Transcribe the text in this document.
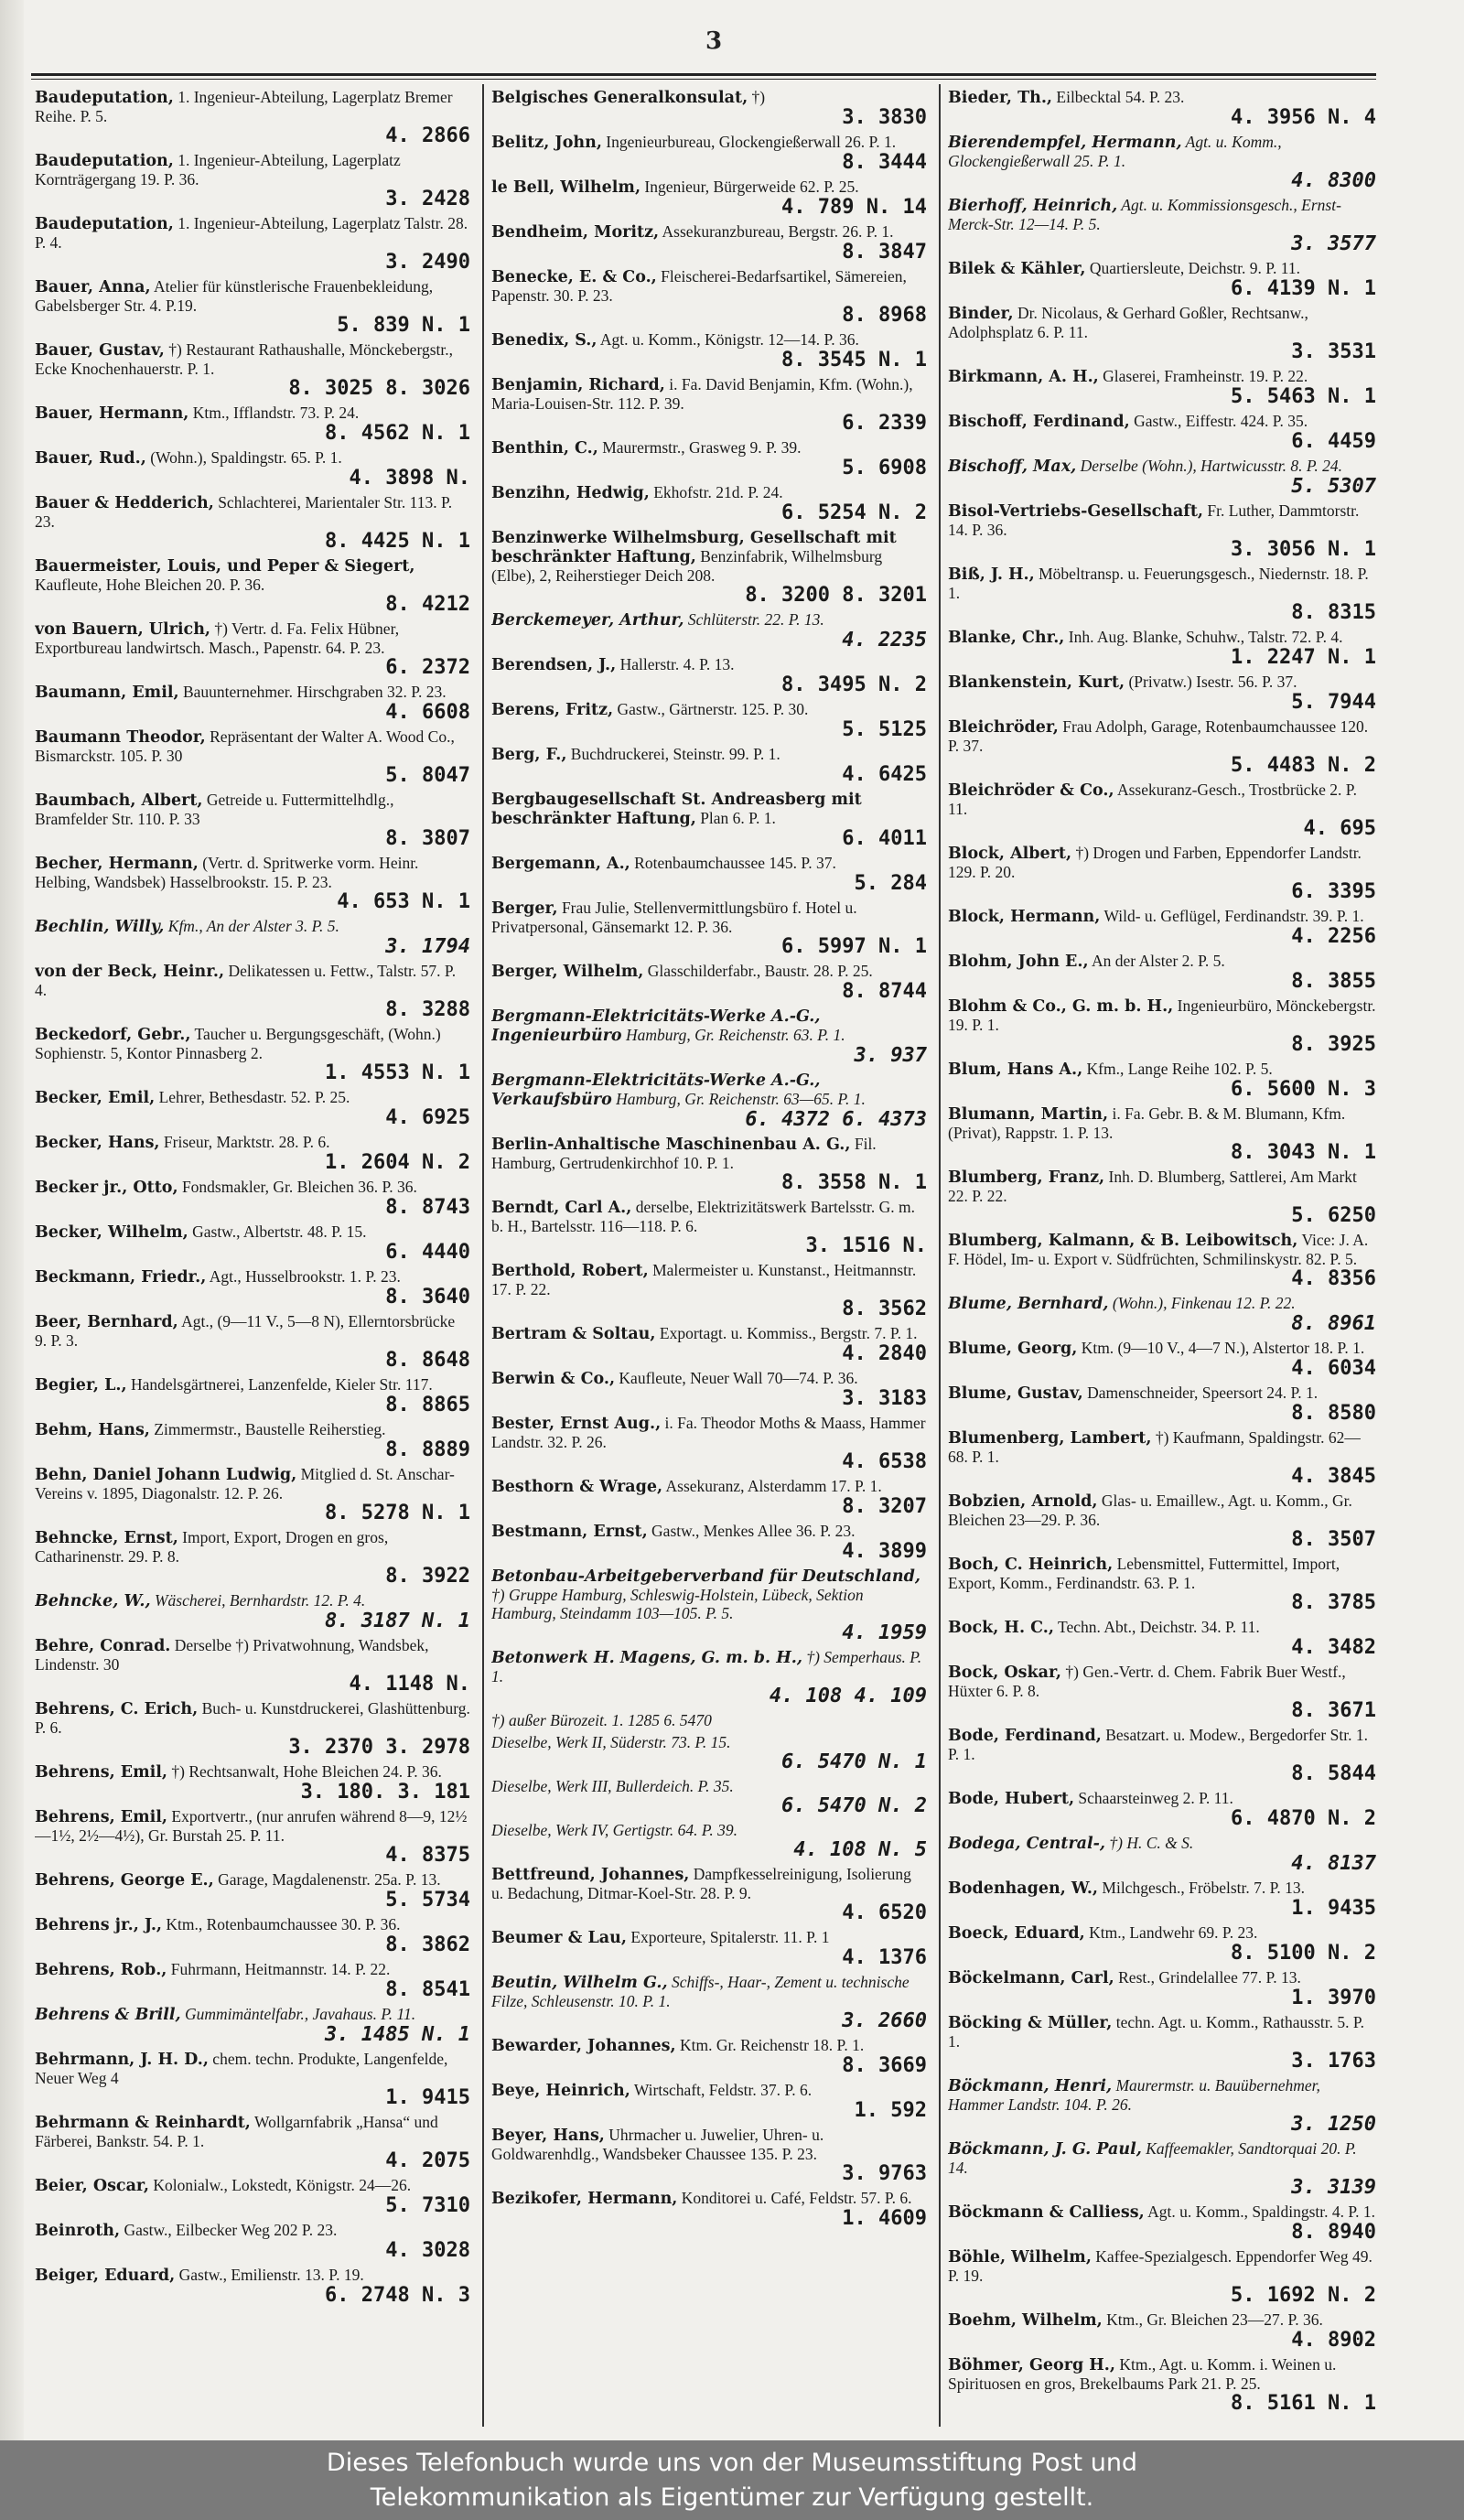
3
Baudeputation, 1. Ingenieur-Abteilung, Lagerplatz Bremer Reihe. P. 5.
4. 2866
Baudeputation, 1. Ingenieur-Abteilung, Lagerplatz Kornträgergang 19. P. 36.
3. 2428
Baudeputation, 1. Ingenieur-Abteilung, Lagerplatz Talstr. 28. P. 4.
3. 2490
Bauer, Anna, Atelier für künstlerische Frauenbekleidung, Gabelsberger Str. 4. P.19.
5. 839 N. 1
Bauer, Gustav, †) Restaurant Rathaushalle, Mönckebergstr., Ecke Knochenhauerstr. P. 1.
8. 3025 8. 3026
Bauer, Hermann, Ktm., Ifflandstr. 73. P. 24.
8. 4562 N. 1
Bauer, Rud., (Wohn.), Spaldingstr. 65. P. 1.
4. 3898 N.
Bauer & Hedderich, Schlachterei, Marientaler Str. 113. P. 23.
8. 4425 N. 1
Bauermeister, Louis, und Peper & Siegert, Kaufleute, Hohe Bleichen 20. P. 36.
8. 4212
von Bauern, Ulrich, †) Vertr. d. Fa. Felix Hübner, Exportbureau landwirtsch. Masch., Papenstr. 64. P. 23.
6. 2372
Baumann, Emil, Bauunternehmer. Hirschgraben 32. P. 23.
4. 6608
Baumann Theodor, Repräsentant der Walter A. Wood Co., Bismarckstr. 105. P. 30
5. 8047
Baumbach, Albert, Getreide u. Futtermittelhdlg., Bramfelder Str. 110. P. 33
8. 3807
Becher, Hermann, (Vertr. d. Spritwerke vorm. Heinr. Helbing, Wandsbek) Hasselbrookstr. 15. P. 23.
4. 653 N. 1
Bechlin, Willy, Kfm., An der Alster 3. P. 5.
3. 1794
von der Beck, Heinr., Delikatessen u. Fettw., Talstr. 57. P. 4.
8. 3288
Beckedorf, Gebr., Taucher u. Bergungsgeschäft, (Wohn.) Sophienstr. 5, Kontor Pinnasberg 2.
1. 4553 N. 1
Becker, Emil, Lehrer, Bethesdastr. 52. P. 25.
4. 6925
Becker, Hans, Friseur, Marktstr. 28. P. 6.
1. 2604 N. 2
Becker jr., Otto, Fondsmakler, Gr. Bleichen 36. P. 36.
8. 8743
Becker, Wilhelm, Gastw., Albertstr. 48. P. 15.
6. 4440
Beckmann, Friedr., Agt., Husselbrookstr. 1. P. 23.
8. 3640
Beer, Bernhard, Agt., (9—11 V., 5—8 N), Ellerntorsbrücke 9. P. 3.
8. 8648
Begier, L., Handelsgärtnerei, Lanzenfelde, Kieler Str. 117.
8. 8865
Behm, Hans, Zimmermstr., Baustelle Reiherstieg.
8. 8889
Behn, Daniel Johann Ludwig, Mitglied d. St. Anschar-Vereins v. 1895, Diagonalstr. 12. P. 26.
8. 5278 N. 1
Behncke, Ernst, Import, Export, Drogen en gros, Catharinenstr. 29. P. 8.
8. 3922
Behncke, W., Wäscherei, Bernhardstr. 12. P. 4.
8. 3187 N. 1
Behre, Conrad. Derselbe †) Privatwohnung, Wandsbek, Lindenstr. 30
4. 1148 N.
Behrens, C. Erich, Buch- u. Kunstdruckerei, Glashüttenburg. P. 6.
3. 2370 3. 2978
Behrens, Emil, †) Rechtsanwalt, Hohe Bleichen 24. P. 36.
3. 180. 3. 181
Behrens, Emil, Exportvertr., (nur anrufen während 8—9, 12½—1½, 2½—4½), Gr. Burstah 25. P. 11.
4. 8375
Behrens, George E., Garage, Magdalenenstr. 25a. P. 13.
5. 5734
Behrens jr., J., Ktm., Rotenbaumchaussee 30. P. 36.
8. 3862
Behrens, Rob., Fuhrmann, Heitmannstr. 14. P. 22.
8. 8541
Behrens & Brill, Gummimäntelfabr., Javahaus. P. 11.
3. 1485 N. 1
Behrmann, J. H. D., chem. techn. Produkte, Langenfelde, Neuer Weg 4
1. 9415
Behrmann & Reinhardt, Wollgarnfabrik „Hansa“ und Färberei, Bankstr. 54. P. 1.
4. 2075
Beier, Oscar, Kolonialw., Lokstedt, Königstr. 24—26.
5. 7310
Beinroth, Gastw., Eilbecker Weg 202 P. 23.
4. 3028
Beiger, Eduard, Gastw., Emilienstr. 13. P. 19.
6. 2748 N. 3
Belgisches Generalkonsulat, †)
3. 3830
Belitz, John, Ingenieurbureau, Glockengießerwall 26. P. 1.
8. 3444
le Bell, Wilhelm, Ingenieur, Bürgerweide 62. P. 25.
4. 789 N. 14
Bendheim, Moritz, Assekuranzbureau, Bergstr. 26. P. 1.
8. 3847
Benecke, E. & Co., Fleischerei-Bedarfsartikel, Sämereien, Papenstr. 30. P. 23.
8. 8968
Benedix, S., Agt. u. Komm., Königstr. 12—14. P. 36.
8. 3545 N. 1
Benjamin, Richard, i. Fa. David Benjamin, Kfm. (Wohn.), Maria-Louisen-Str. 112. P. 39.
6. 2339
Benthin, C., Maurermstr., Grasweg 9. P. 39.
5. 6908
Benzihn, Hedwig, Ekhofstr. 21d. P. 24.
6. 5254 N. 2
Benzinwerke Wilhelmsburg, Gesellschaft mit beschränkter Haftung, Benzinfabrik, Wilhelmsburg (Elbe), 2, Reiherstieger Deich 208.
8. 3200 8. 3201
Berckemeyer, Arthur, Schlüterstr. 22. P. 13.
4. 2235
Berendsen, J., Hallerstr. 4. P. 13.
8. 3495 N. 2
Berens, Fritz, Gastw., Gärtnerstr. 125. P. 30.
5. 5125
Berg, F., Buchdruckerei, Steinstr. 99. P. 1.
4. 6425
Bergbaugesellschaft St. Andreasberg mit beschränkter Haftung, Plan 6. P. 1.
6. 4011
Bergemann, A., Rotenbaumchaussee 145. P. 37.
5. 284
Berger, Frau Julie, Stellenvermittlungsbüro f. Hotel u. Privatpersonal, Gänsemarkt 12. P. 36.
6. 5997 N. 1
Berger, Wilhelm, Glasschilderfabr., Baustr. 28. P. 25.
8. 8744
Bergmann-Elektricitäts-Werke A.-G., Ingenieurbüro Hamburg, Gr. Reichenstr. 63. P. 1.
3. 937
Bergmann-Elektricitäts-Werke A.-G., Verkaufsbüro Hamburg, Gr. Reichenstr. 63—65. P. 1.
6. 4372 6. 4373
Berlin-Anhaltische Maschinenbau A. G., Fil. Hamburg, Gertrudenkirchhof 10. P. 1.
8. 3558 N. 1
Berndt, Carl A., derselbe, Elektrizitätswerk Bartelsstr. G. m. b. H., Bartelsstr. 116—118. P. 6.
3. 1516 N.
Berthold, Robert, Malermeister u. Kunstanst., Heitmannstr. 17. P. 22.
8. 3562
Bertram & Soltau, Exportagt. u. Kommiss., Bergstr. 7. P. 1.
4. 2840
Berwin & Co., Kaufleute, Neuer Wall 70—74. P. 36.
3. 3183
Bester, Ernst Aug., i. Fa. Theodor Moths & Maass, Hammer Landstr. 32. P. 26.
4. 6538
Besthorn & Wrage, Assekuranz, Alsterdamm 17. P. 1.
8. 3207
Bestmann, Ernst, Gastw., Menkes Allee 36. P. 23.
4. 3899
Betonbau-Arbeitgeberverband für Deutschland, †) Gruppe Hamburg, Schleswig-Holstein, Lübeck, Sektion Hamburg, Steindamm 103—105. P. 5.
4. 1959
Betonwerk H. Magens, G. m. b. H., †) Semperhaus. P. 1.
4. 108 4. 109
†) außer Bürozeit. 1. 1285 6. 5470
Dieselbe, Werk II, Süderstr. 73. P. 15.
6. 5470 N. 1
Dieselbe, Werk III, Bullerdeich. P. 35.
6. 5470 N. 2
Dieselbe, Werk IV, Gertigstr. 64. P. 39.
4. 108 N. 5
Bettfreund, Johannes, Dampfkesselreinigung, Isolierung u. Bedachung, Ditmar-Koel-Str. 28. P. 9.
4. 6520
Beumer & Lau, Exporteure, Spitalerstr. 11. P. 1
4. 1376
Beutin, Wilhelm G., Schiffs-, Haar-, Zement u. technische Filze, Schleusenstr. 10. P. 1.
3. 2660
Bewarder, Johannes, Ktm. Gr. Reichenstr 18. P. 1.
8. 3669
Beye, Heinrich, Wirtschaft, Feldstr. 37. P. 6.
1. 592
Beyer, Hans, Uhrmacher u. Juwelier, Uhren- u. Goldwarenhdlg., Wandsbeker Chaussee 135. P. 23.
3. 9763
Bezikofer, Hermann, Konditorei u. Café, Feldstr. 57. P. 6.
1. 4609
Bieder, Th., Eilbecktal 54. P. 23.
4. 3956 N. 4
Bierendempfel, Hermann, Agt. u. Komm., Glockengießerwall 25. P. 1.
4. 8300
Bierhoff, Heinrich, Agt. u. Kommissionsgesch., Ernst-Merck-Str. 12—14. P. 5.
3. 3577
Bilek & Kähler, Quartiersleute, Deichstr. 9. P. 11.
6. 4139 N. 1
Binder, Dr. Nicolaus, & Gerhard Goßler, Rechtsanw., Adolphsplatz 6. P. 11.
3. 3531
Birkmann, A. H., Glaserei, Framheinstr. 19. P. 22.
5. 5463 N. 1
Bischoff, Ferdinand, Gastw., Eiffestr. 424. P. 35.
6. 4459
Bischoff, Max, Derselbe (Wohn.), Hartwicusstr. 8. P. 24.
5. 5307
Bisol-Vertriebs-Gesellschaft, Fr. Luther, Dammtorstr. 14. P. 36.
3. 3056 N. 1
Biß, J. H., Möbeltransp. u. Feuerungsgesch., Niedernstr. 18. P. 1.
8. 8315
Blanke, Chr., Inh. Aug. Blanke, Schuhw., Talstr. 72. P. 4.
1. 2247 N. 1
Blankenstein, Kurt, (Privatw.) Isestr. 56. P. 37.
5. 7944
Bleichröder, Frau Adolph, Garage, Rotenbaumchaussee 120. P. 37.
5. 4483 N. 2
Bleichröder & Co., Assekuranz-Gesch., Trostbrücke 2. P. 11.
4. 695
Block, Albert, †) Drogen und Farben, Eppendorfer Landstr. 129. P. 20.
6. 3395
Block, Hermann, Wild- u. Geflügel, Ferdinandstr. 39. P. 1.
4. 2256
Blohm, John E., An der Alster 2. P. 5.
8. 3855
Blohm & Co., G. m. b. H., Ingenieurbüro, Mönckebergstr. 19. P. 1.
8. 3925
Blum, Hans A., Kfm., Lange Reihe 102. P. 5.
6. 5600 N. 3
Blumann, Martin, i. Fa. Gebr. B. & M. Blumann, Kfm. (Privat), Rappstr. 1. P. 13.
8. 3043 N. 1
Blumberg, Franz, Inh. D. Blumberg, Sattlerei, Am Markt 22. P. 22.
5. 6250
Blumberg, Kalmann, & B. Leibowitsch, Vice: J. A. F. Hödel, Im- u. Export v. Südfrüchten, Schmilinskystr. 82. P. 5.
4. 8356
Blume, Bernhard, (Wohn.), Finkenau 12. P. 22.
8. 8961
Blume, Georg, Ktm. (9—10 V., 4—7 N.), Alstertor 18. P. 1.
4. 6034
Blume, Gustav, Damenschneider, Speersort 24. P. 1.
8. 8580
Blumenberg, Lambert, †) Kaufmann, Spaldingstr. 62—68. P. 1.
4. 3845
Bobzien, Arnold, Glas- u. Emaillew., Agt. u. Komm., Gr. Bleichen 23—29. P. 36.
8. 3507
Boch, C. Heinrich, Lebensmittel, Futtermittel, Import, Export, Komm., Ferdinandstr. 63. P. 1.
8. 3785
Bock, H. C., Techn. Abt., Deichstr. 34. P. 11.
4. 3482
Bock, Oskar, †) Gen.-Vertr. d. Chem. Fabrik Buer Westf., Hüxter 6. P. 8.
8. 3671
Bode, Ferdinand, Besatzart. u. Modew., Bergedorfer Str. 1. P. 1.
8. 5844
Bode, Hubert, Schaarsteinweg 2. P. 11.
6. 4870 N. 2
Bodega, Central-, †) H. C. & S.
4. 8137
Bodenhagen, W., Milchgesch., Fröbelstr. 7. P. 13.
1. 9435
Boeck, Eduard, Ktm., Landwehr 69. P. 23.
8. 5100 N. 2
Böckelmann, Carl, Rest., Grindelallee 77. P. 13.
1. 3970
Böcking & Müller, techn. Agt. u. Komm., Rathausstr. 5. P. 1.
3. 1763
Böckmann, Henri, Maurermstr. u. Bauübernehmer, Hammer Landstr. 104. P. 26.
3. 1250
Böckmann, J. G. Paul, Kaffeemakler, Sandtorquai 20. P. 14.
3. 3139
Böckmann & Calliess, Agt. u. Komm., Spaldingstr. 4. P. 1.
8. 8940
Böhle, Wilhelm, Kaffee-Spezialgesch. Eppendorfer Weg 49. P. 19.
5. 1692 N. 2
Boehm, Wilhelm, Ktm., Gr. Bleichen 23—27. P. 36.
4. 8902
Böhmer, Georg H., Ktm., Agt. u. Komm. i. Weinen u. Spirituosen en gros, Brekelbaums Park 21. P. 25.
8. 5161 N. 1
Dieses Telefonbuch wurde uns von der Museumsstiftung Post und
Telekommunikation als Eigentümer zur Verfügung gestellt.
